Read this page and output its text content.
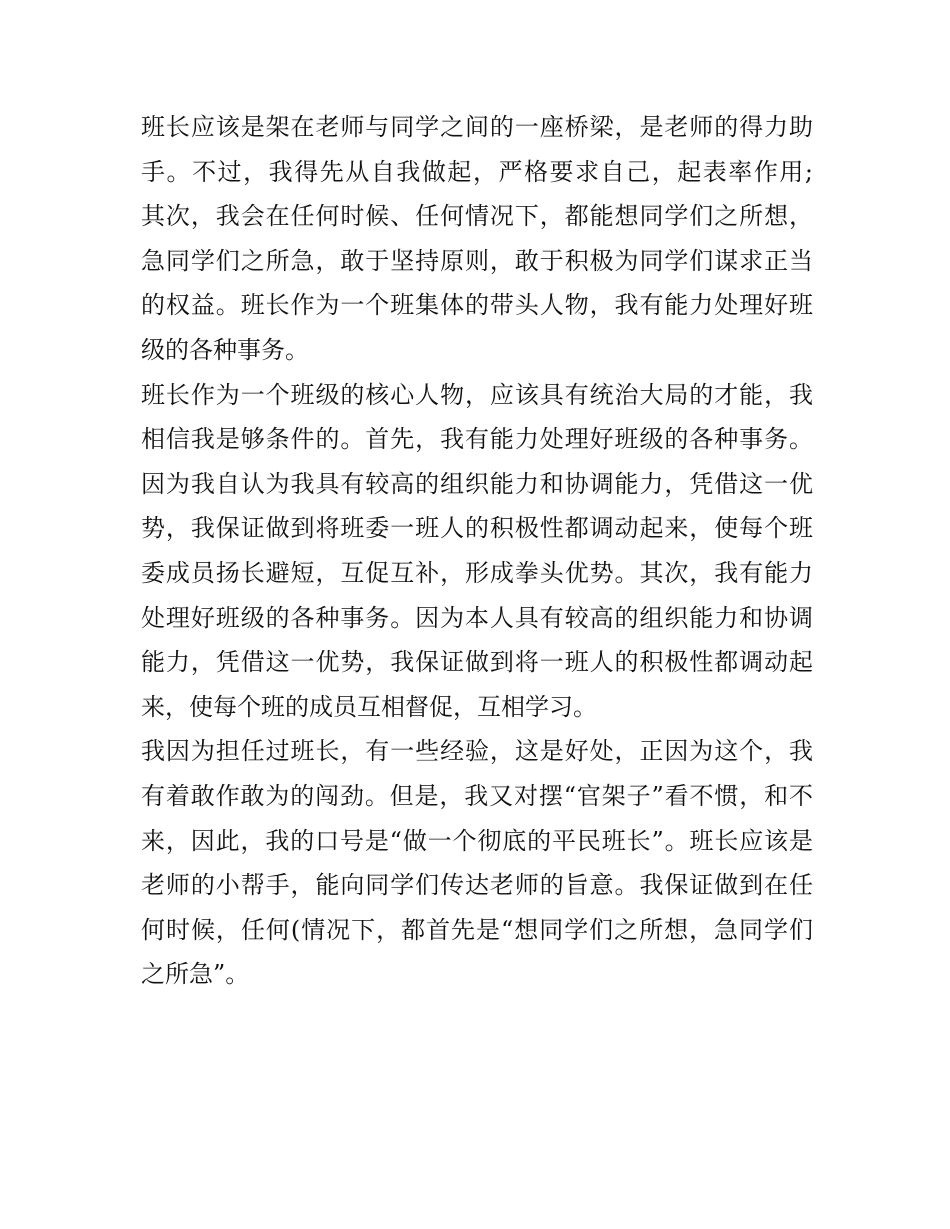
班长应该是架在老师与同学之间的一座桥梁，是老师的得力助
手。不过，我得先从自我做起，严格要求自己，起表率作用;
其次，我会在任何时候、任何情况下，都能想同学们之所想，
急同学们之所急，敢于坚持原则，敢于积极为同学们谋求正当
的权益。班长作为一个班集体的带头人物，我有能力处理好班
级的各种事务。
班长作为一个班级的核心人物，应该具有统治大局的才能，我
相信我是够条件的。首先，我有能力处理好班级的各种事务。
因为我自认为我具有较高的组织能力和协调能力，凭借这一优
势，我保证做到将班委一班人的积极性都调动起来，使每个班
委成员扬长避短，互促互补，形成拳头优势。其次，我有能力
处理好班级的各种事务。因为本人具有较高的组织能力和协调
能力，凭借这一优势，我保证做到将一班人的积极性都调动起
来，使每个班的成员互相督促，互相学习。
我因为担任过班长，有一些经验，这是好处，正因为这个，我
有着敢作敢为的闯劲。但是，我又对摆“官架子”看不惯，和不
来，因此，我的口号是“做一个彻底的平民班长”。班长应该是
老师的小帮手，能向同学们传达老师的旨意。我保证做到在任
何时候，任何(情况下，都首先是“想同学们之所想，急同学们
之所急”。
